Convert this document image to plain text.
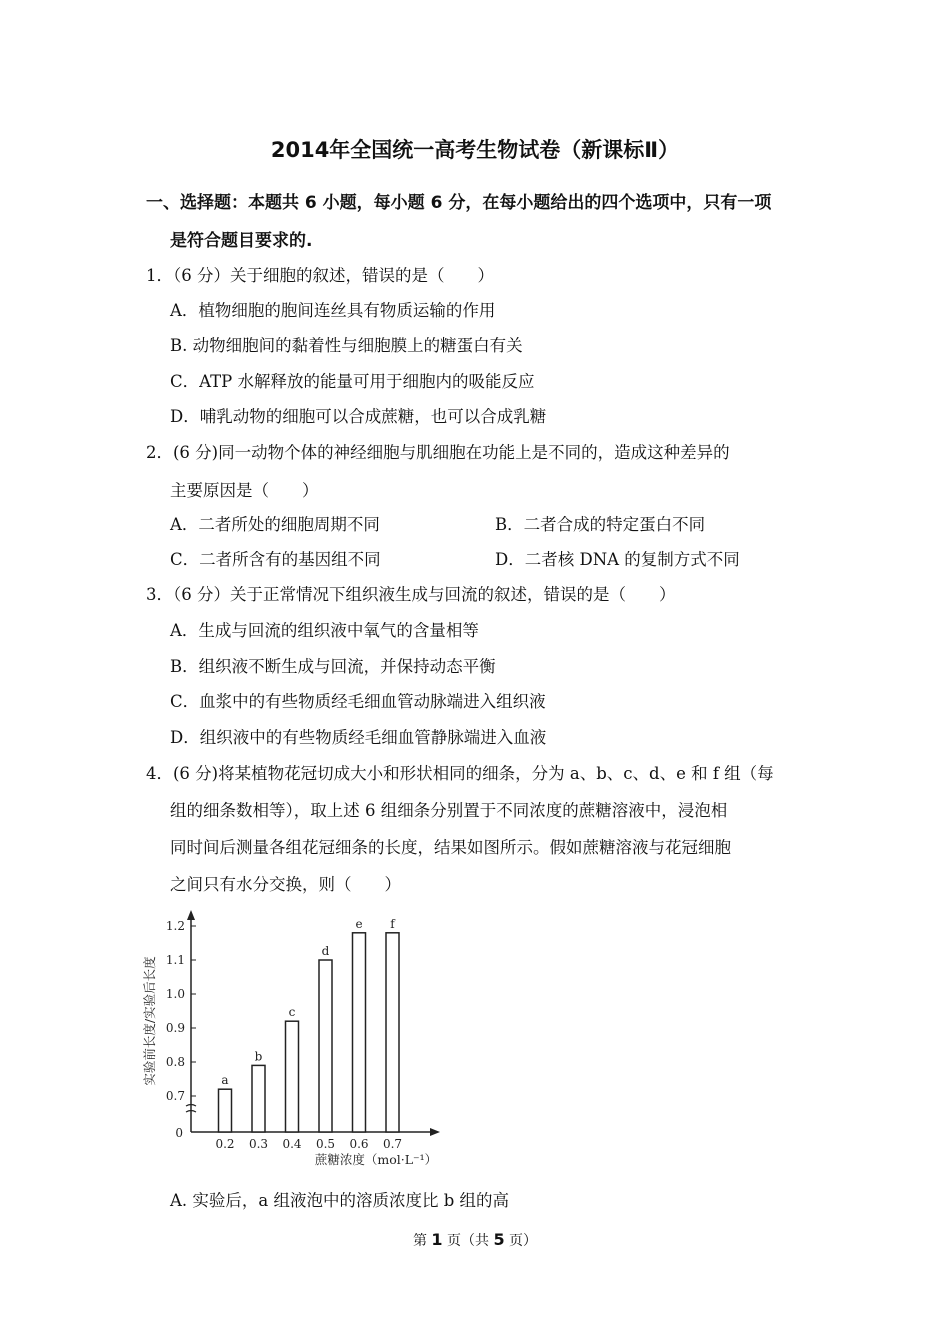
2014年全国统一高考生物试卷（新课标Ⅱ）
一、选择题：本题共 6 小题，每小题 6 分，在每小题给出的四个选项中，只有一项
是符合题目要求的.
1．（6 分）关于细胞的叙述，错误的是（　　）
A．植物细胞的胞间连丝具有物质运输的作用
B. 动物细胞间的黏着性与细胞膜上的糖蛋白有关
C．ATP 水解释放的能量可用于细胞内的吸能反应
D．哺乳动物的细胞可以合成蔗糖，也可以合成乳糖
2．(6 分)同一动物个体的神经细胞与肌细胞在功能上是不同的，造成这种差异的
主要原因是（　　）
A．二者所处的细胞周期不同	B．二者合成的特定蛋白不同
C．二者所含有的基因组不同	D．二者核 DNA 的复制方式不同
3．（6 分）关于正常情况下组织液生成与回流的叙述，错误的是（　　）
A．生成与回流的组织液中氧气的含量相等
B．组织液不断生成与回流，并保持动态平衡
C．血浆中的有些物质经毛细血管动脉端进入组织液
D．组织液中的有些物质经毛细血管静脉端进入血液
4．(6 分)将某植物花冠切成大小和形状相同的细条，分为 a、b、c、d、e 和 f 组（每
组的细条数相等），取上述 6 组细条分别置于不同浓度的蔗糖溶液中，浸泡相
同时间后测量各组花冠细条的长度，结果如图所示。假如蔗糖溶液与花冠细胞
之间只有水分交换，则（　　）
0.7
0.8
0.9
1.0
1.1
1.2
0
a
0.2
b
0.3
c
0.4
d
0.5
e
0.6
f
0.7
蔗糖浓度（mol·L⁻¹）
实验前长度/实验后长度
A. 实验后，a 组液泡中的溶质浓度比 b 组的高
第 1 页（共 5 页）
